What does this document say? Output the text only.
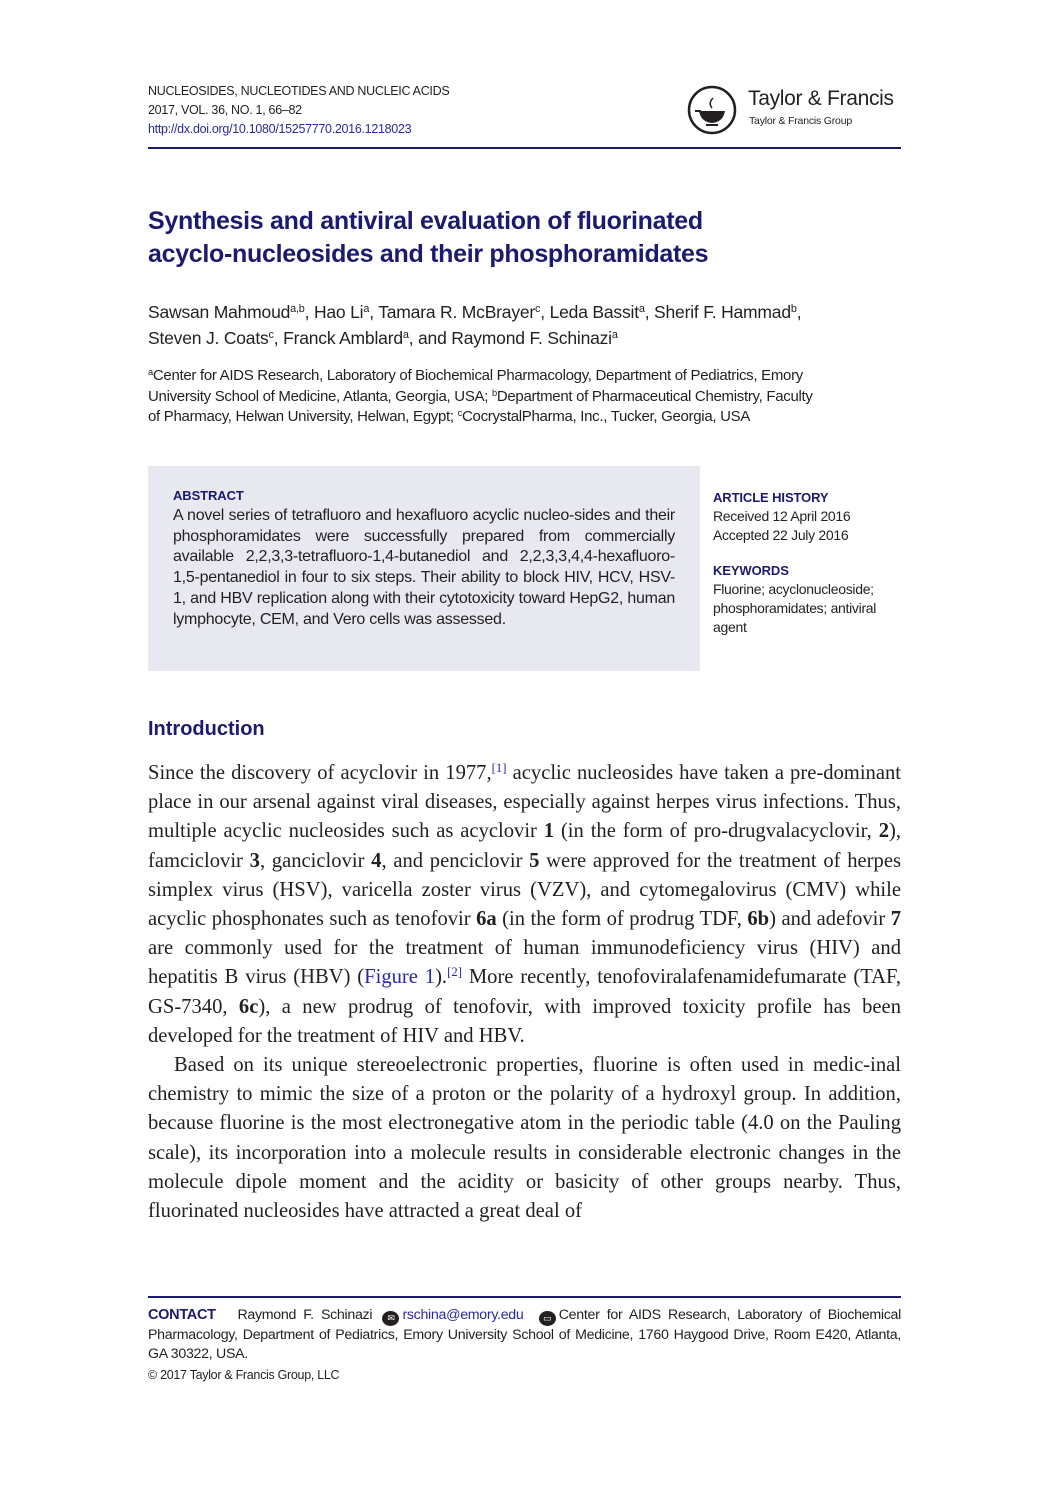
NUCLEOSIDES, NUCLEOTIDES AND NUCLEIC ACIDS
2017, VOL. 36, NO. 1, 66–82
http://dx.doi.org/10.1080/15257770.2016.1218023
Taylor & Francis
Taylor & Francis Group
Synthesis and antiviral evaluation of fluorinated
acyclo-nucleosides and their phosphoramidates
Sawsan Mahmoud$^{a,b}$, Hao Li$^a$, Tamara R. McBrayer$^c$, Leda Bassit$^a$, Sherif F. Hammad$^b$,
Steven J. Coats$^c$, Franck Amblard$^a$, and Raymond F. Schinazi$^a$
$^a$Center for AIDS Research, Laboratory of Biochemical Pharmacology, Department of Pediatrics, Emory
University School of Medicine, Atlanta, Georgia, USA; $^b$Department of Pharmaceutical Chemistry, Faculty
of Pharmacy, Helwan University, Helwan, Egypt; $^c$CocrystalPharma, Inc., Tucker, Georgia, USA
ABSTRACT
A novel series of tetrafluoro and hexafluoro acyclic nucleo-sides and their phosphoramidates were successfully prepared from commercially available 2,2,3,3-tetrafluoro-1,4-butanediol and 2,2,3,3,4,4-hexafluoro-1,5-pentanediol in four to six steps. Their ability to block HIV, HCV, HSV-1, and HBV replication along with their cytotoxicity toward HepG2, human lymphocyte, CEM, and Vero cells was assessed.
ARTICLE HISTORY
Received 12 April 2016
Accepted 22 July 2016
KEYWORDS
Fluorine; acyclonucleoside; phosphoramidates; antiviral agent
Introduction

Since the discovery of acyclovir in 1977,[1] acyclic nucleosides have taken a pre-dominant place in our arsenal against viral diseases, especially against herpes virus infections. Thus, multiple acyclic nucleosides such as acyclovir 1 (in the form of pro-drugvalacyclovir, 2), famciclovir 3, ganciclovir 4, and penciclovir 5 were approved for the treatment of herpes simplex virus (HSV), varicella zoster virus (VZV), and cytomegalovirus (CMV) while acyclic phosphonates such as tenofovir 6a (in the form of prodrug TDF, 6b) and adefovir 7 are commonly used for the treatment of human immunodeficiency virus (HIV) and hepatitis B virus (HBV) (Figure 1).[2] More recently, tenofoviralafenamidefumarate (TAF, GS-7340, 6c), a new prodrug of tenofovir, with improved toxicity profile has been developed for the treatment of HIV and HBV.

Based on its unique stereoelectronic properties, fluorine is often used in medic-inal chemistry to mimic the size of a proton or the polarity of a hydroxyl group. In addition, because fluorine is the most electronegative atom in the periodic table (4.0 on the Pauling scale), its incorporation into a molecule results in considerable electronic changes in the molecule dipole moment and the acidity or basicity of other groups nearby. Thus, fluorinated nucleosides have attracted a great deal of

CONTACT Raymond F. Schinazi ✉ rschina@emory.edu ▭ Center for AIDS Research, Laboratory of Biochemical Pharmacology, Department of Pediatrics, Emory University School of Medicine, 1760 Haygood Drive, Room E420, Atlanta, GA 30322, USA.
© 2017 Taylor & Francis Group, LLC
